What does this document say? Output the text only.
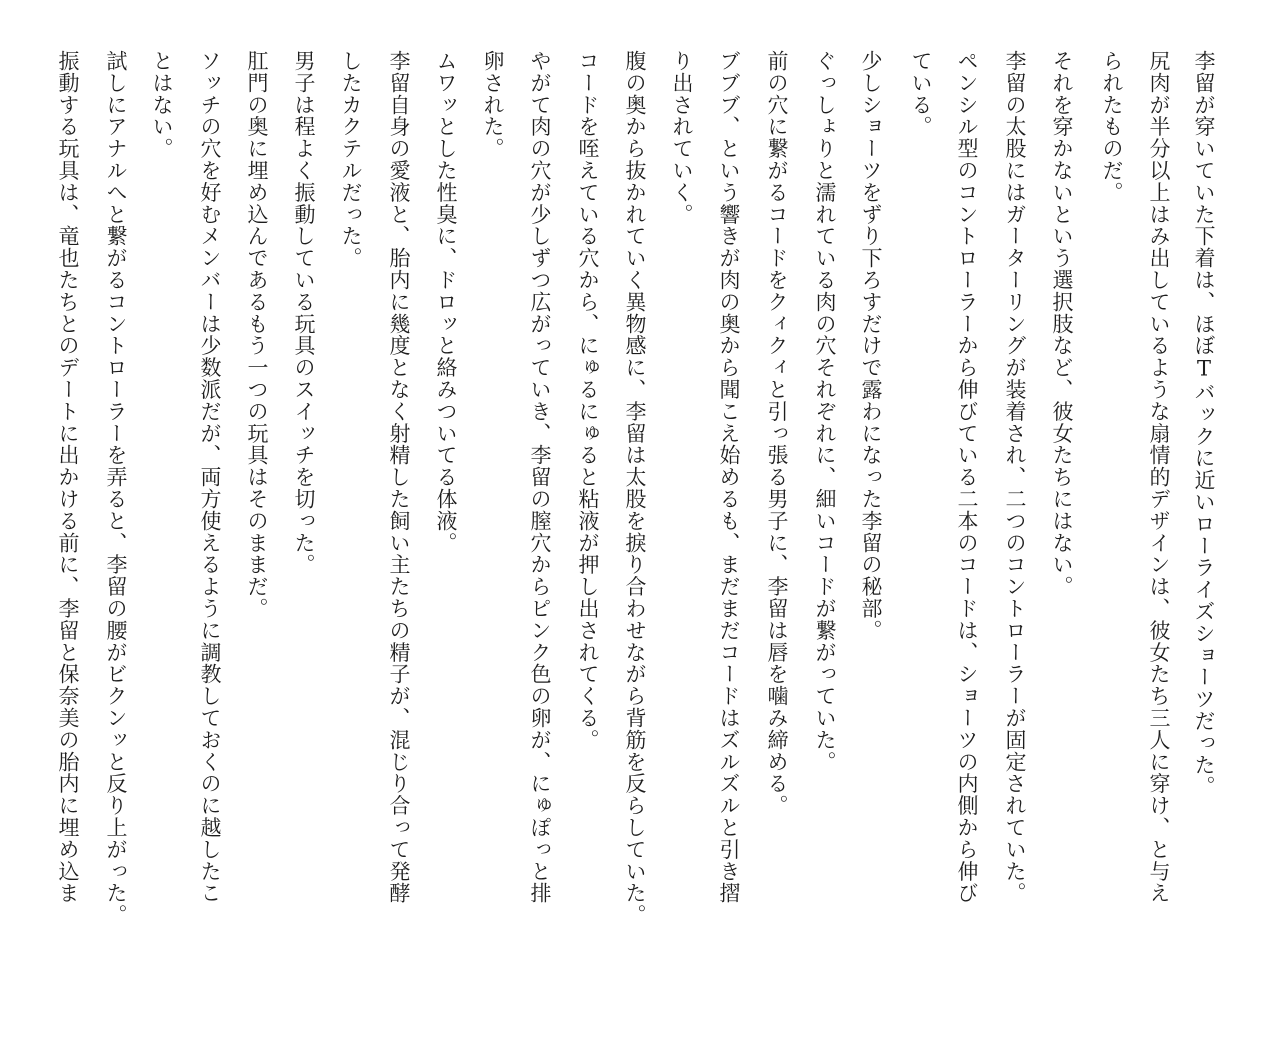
李留が穿いていた下着は、ほぼTバックに近いローライズショーツだった。
尻肉が半分以上はみ出しているような扇情的デザインは、彼女たち三人に穿け、と与え
られたものだ。
それを穿かないという選択肢など、彼女たちにはない。
李留の太股にはガーターリングが装着され、二つのコントローラーが固定されていた。
ペンシル型のコントローラーから伸びている二本のコードは、ショーツの内側から伸び
ている。
少しショーツをずり下ろすだけで露わになった李留の秘部。
ぐっしょりと濡れている肉の穴それぞれに、細いコードが繋がっていた。
前の穴に繋がるコードをクィクィと引っ張る男子に、李留は唇を噛み締める。
ブブブ、という響きが肉の奥から聞こえ始めるも、まだまだコードはズルズルと引き摺
り出されていく。
腹の奥から抜かれていく異物感に、李留は太股を捩り合わせながら背筋を反らしていた。
コードを咥えている穴から、にゅるにゅると粘液が押し出されてくる。
やがて肉の穴が少しずつ広がっていき、李留の膣穴からピンク色の卵が、にゅぽっと排
卵された。
ムワッとした性臭に、ドロッと絡みついてる体液。
李留自身の愛液と、胎内に幾度となく射精した飼い主たちの精子が、混じり合って発酵
したカクテルだった。
男子は程よく振動している玩具のスイッチを切った。
肛門の奥に埋め込んであるもう一つの玩具はそのままだ。
ソッチの穴を好むメンバーは少数派だが、両方使えるように調教しておくのに越したこ
とはない。
試しにアナルへと繋がるコントローラーを弄ると、李留の腰がビクンッと反り上がった。
振動する玩具は、竜也たちとのデートに出かける前に、李留と保奈美の胎内に埋め込ま
